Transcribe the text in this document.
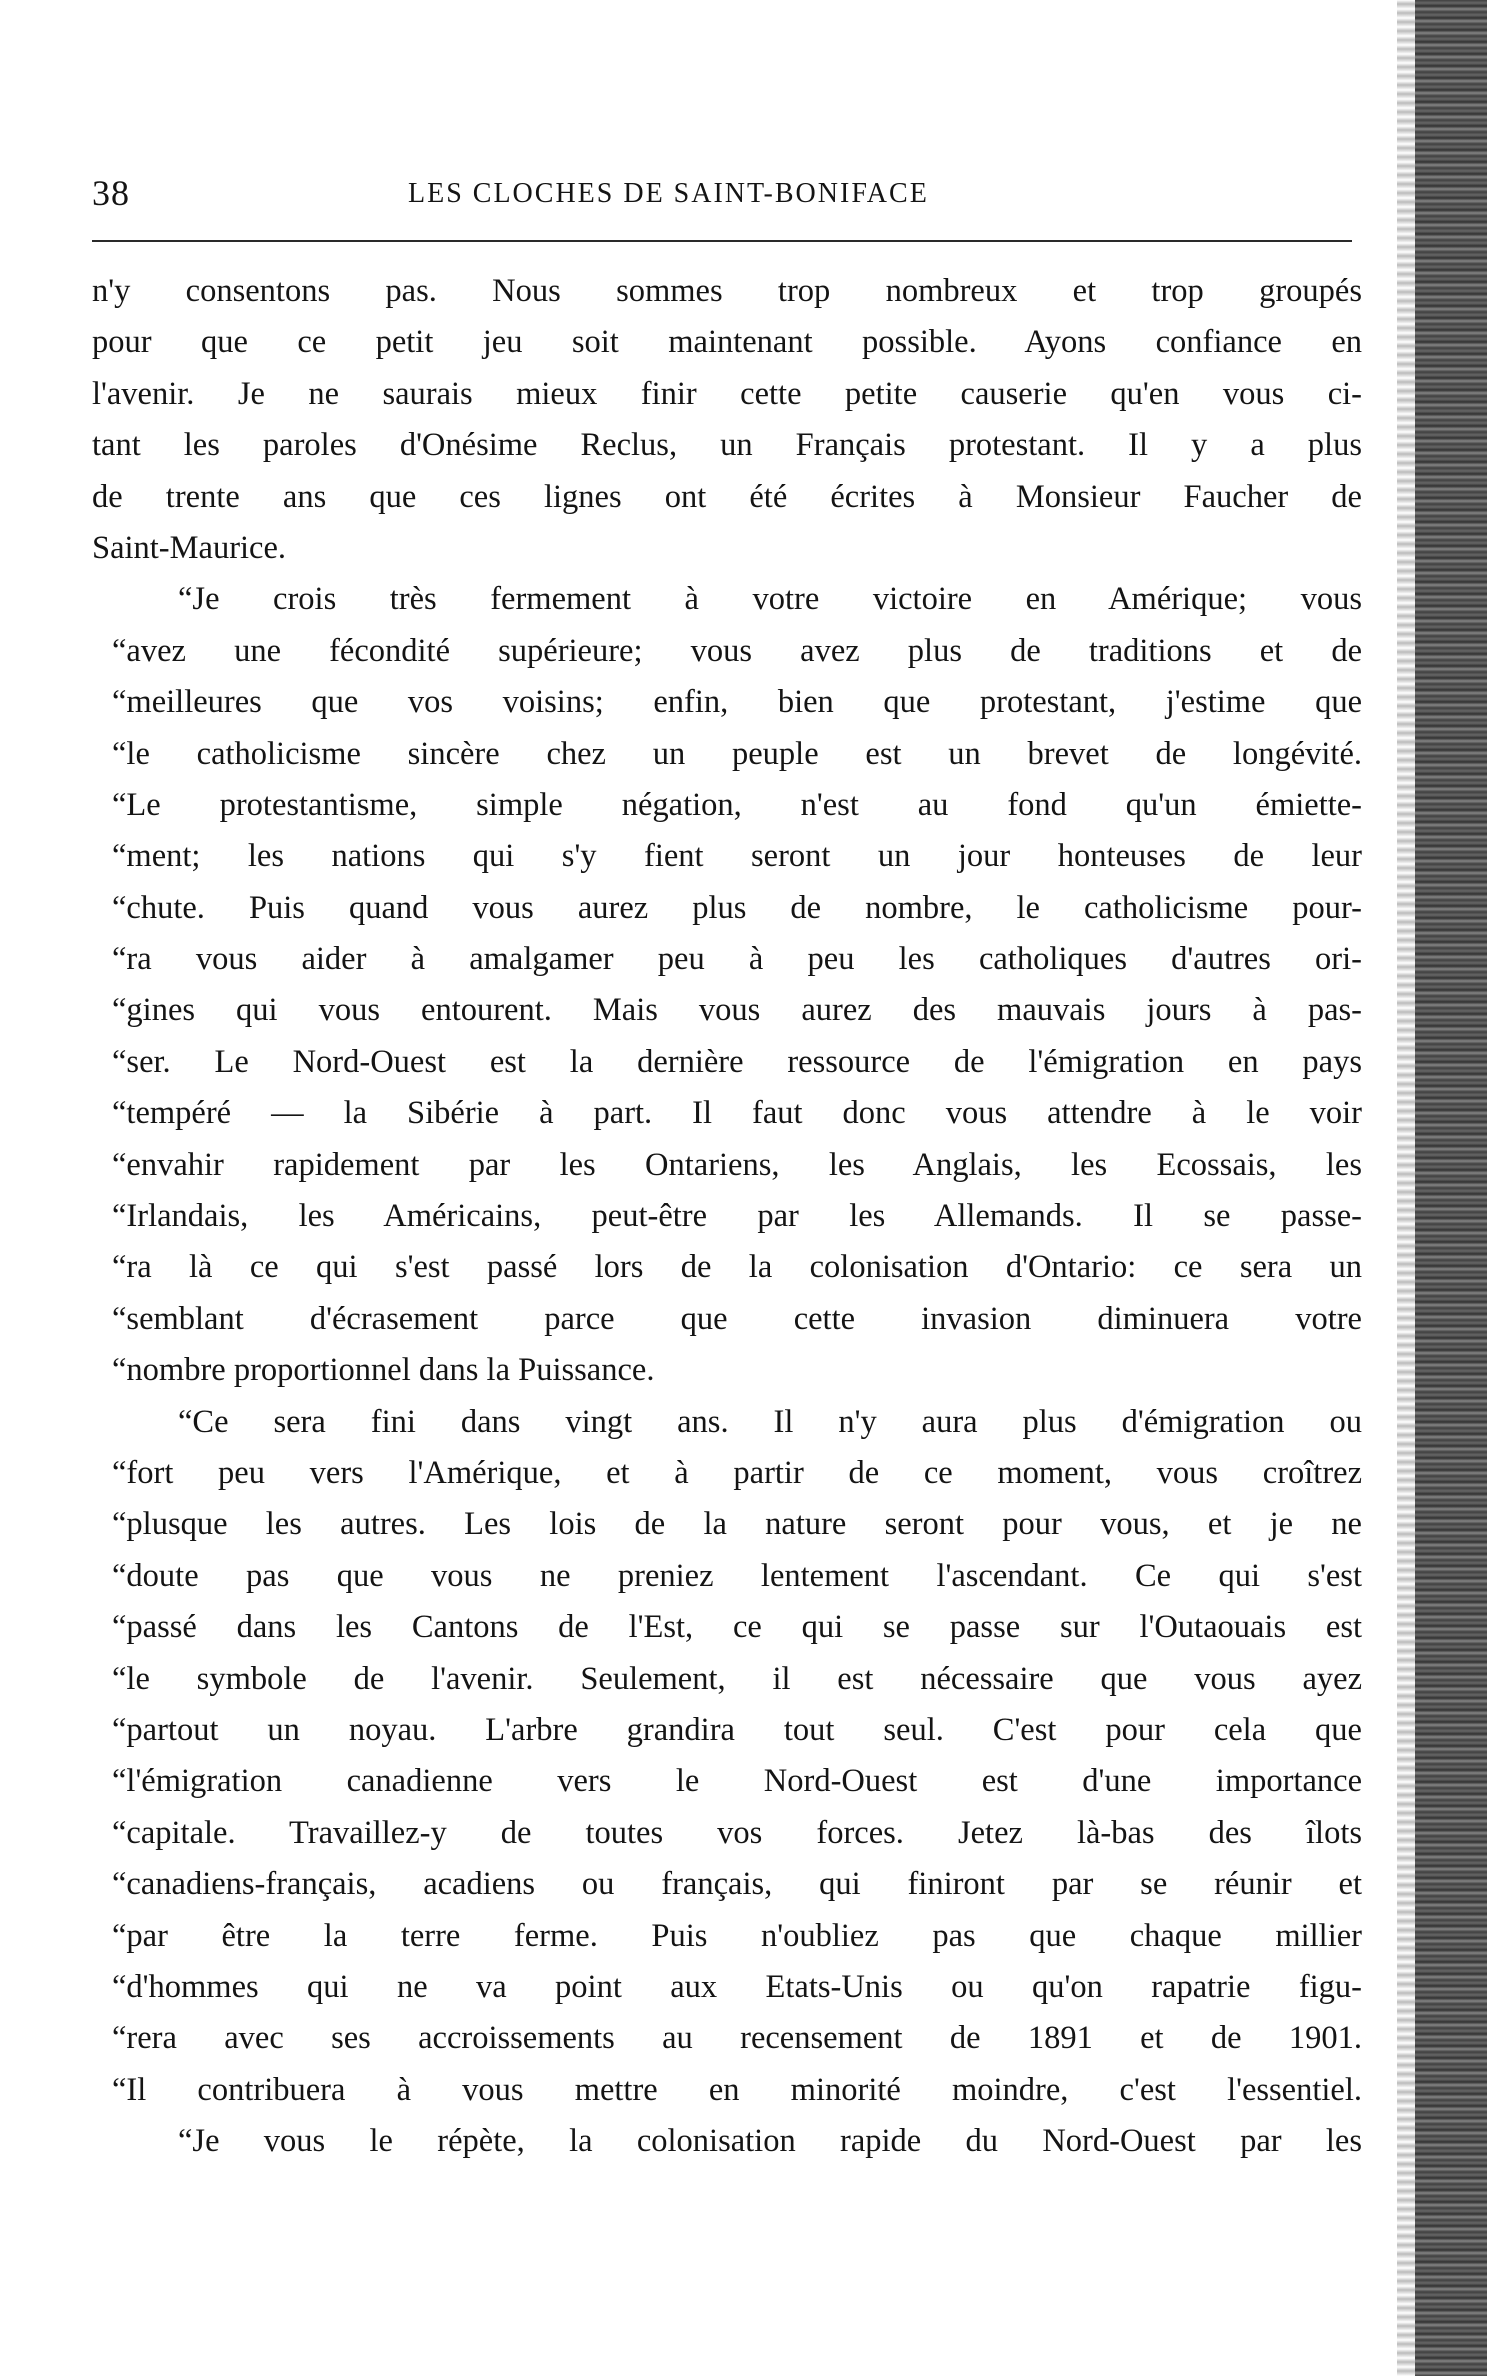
38	LES CLOCHES DE SAINT-BONIFACE
n'y consentons pas. Nous sommes trop nombreux et trop groupés
pour que ce petit jeu soit maintenant possible. Ayons confiance en
l'avenir. Je ne saurais mieux finir cette petite causerie qu'en vous ci-
tant les paroles d'Onésime Reclus, un Français protestant. Il y a plus
de trente ans que ces lignes ont été écrites à Monsieur Faucher de
Saint-Maurice.
“Je crois très fermement à votre victoire en Amérique; vous
“avez une fécondité supérieure; vous avez plus de traditions et de
“meilleures que vos voisins; enfin, bien que protestant, j'estime que
“le catholicisme sincère chez un peuple est un brevet de longévité.
“Le protestantisme, simple négation, n'est au fond qu'un émiette-
“ment; les nations qui s'y fient seront un jour honteuses de leur
“chute. Puis quand vous aurez plus de nombre, le catholicisme pour-
“ra vous aider à amalgamer peu à peu les catholiques d'autres ori-
“gines qui vous entourent. Mais vous aurez des mauvais jours à pas-
“ser. Le Nord-Ouest est la dernière ressource de l'émigration en pays
“tempéré — la Sibérie à part. Il faut donc vous attendre à le voir
“envahir rapidement par les Ontariens, les Anglais, les Ecossais, les
“Irlandais, les Américains, peut-être par les Allemands. Il se passe-
“ra là ce qui s'est passé lors de la colonisation d'Ontario: ce sera un
“semblant d'écrasement parce que cette invasion diminuera votre
“nombre proportionnel dans la Puissance.
“Ce sera fini dans vingt ans. Il n'y aura plus d'émigration ou
“fort peu vers l'Amérique, et à partir de ce moment, vous croîtrez
“plusque les autres. Les lois de la nature seront pour vous, et je ne
“doute pas que vous ne preniez lentement l'ascendant. Ce qui s'est
“passé dans les Cantons de l'Est, ce qui se passe sur l'Outaouais est
“le symbole de l'avenir. Seulement, il est nécessaire que vous ayez
“partout un noyau. L'arbre grandira tout seul. C'est pour cela que
“l'émigration canadienne vers le Nord-Ouest est d'une importance
“capitale. Travaillez-y de toutes vos forces. Jetez là-bas des îlots
“canadiens-français, acadiens ou français, qui finiront par se réunir et
“par être la terre ferme. Puis n'oubliez pas que chaque millier
“d'hommes qui ne va point aux Etats-Unis ou qu'on rapatrie figu-
“rera avec ses accroissements au recensement de 1891 et de 1901.
“Il contribuera à vous mettre en minorité moindre, c'est l'essentiel.
“Je vous le répète, la colonisation rapide du Nord-Ouest par les
